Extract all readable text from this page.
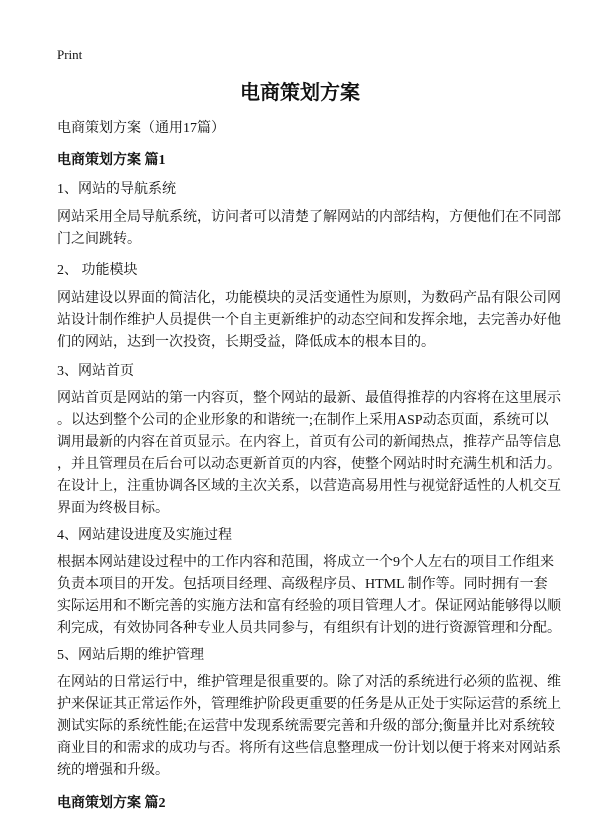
Print
电商策划方案
电商策划方案（通用17篇）
电商策划方案 篇1
1、网站的导航系统
网站采用全局导航系统，访问者可以清楚了解网站的内部结构，方便他们在不同部
门之间跳转。
2、 功能模块
网站建设以界面的简洁化，功能模块的灵活变通性为原则，为数码产品有限公司网
站设计制作维护人员提供一个自主更新维护的动态空间和发挥余地，去完善办好他
们的网站，达到一次投资，长期受益，降低成本的根本目的。
3、网站首页
网站首页是网站的第一内容页，整个网站的最新、最值得推荐的内容将在这里展示
。以达到整个公司的企业形象的和谐统一;在制作上采用ASP动态页面，系统可以
调用最新的内容在首页显示。在内容上，首页有公司的新闻热点，推荐产品等信息
，并且管理员在后台可以动态更新首页的内容，使整个网站时时充满生机和活力。
在设计上，注重协调各区域的主次关系，以营造高易用性与视觉舒适性的人机交互
界面为终极目标。
4、网站建设进度及实施过程
根据本网站建设过程中的工作内容和范围，将成立一个9个人左右的项目工作组来
负责本项目的开发。包括项目经理、高级程序员、HTML 制作等。同时拥有一套
实际运用和不断完善的实施方法和富有经验的项目管理人才。保证网站能够得以顺
利完成，有效协同各种专业人员共同参与，有组织有计划的进行资源管理和分配。
5、网站后期的维护管理
在网站的日常运行中，维护管理是很重要的。除了对活的系统进行必须的监视、维
护来保证其正常运作外，管理维护阶段更重要的任务是从正处于实际运营的系统上
测试实际的系统性能;在运营中发现系统需要完善和升级的部分;衡量并比对系统较
商业目的和需求的成功与否。将所有这些信息整理成一份计划以便于将来对网站系
统的增强和升级。
电商策划方案 篇2
